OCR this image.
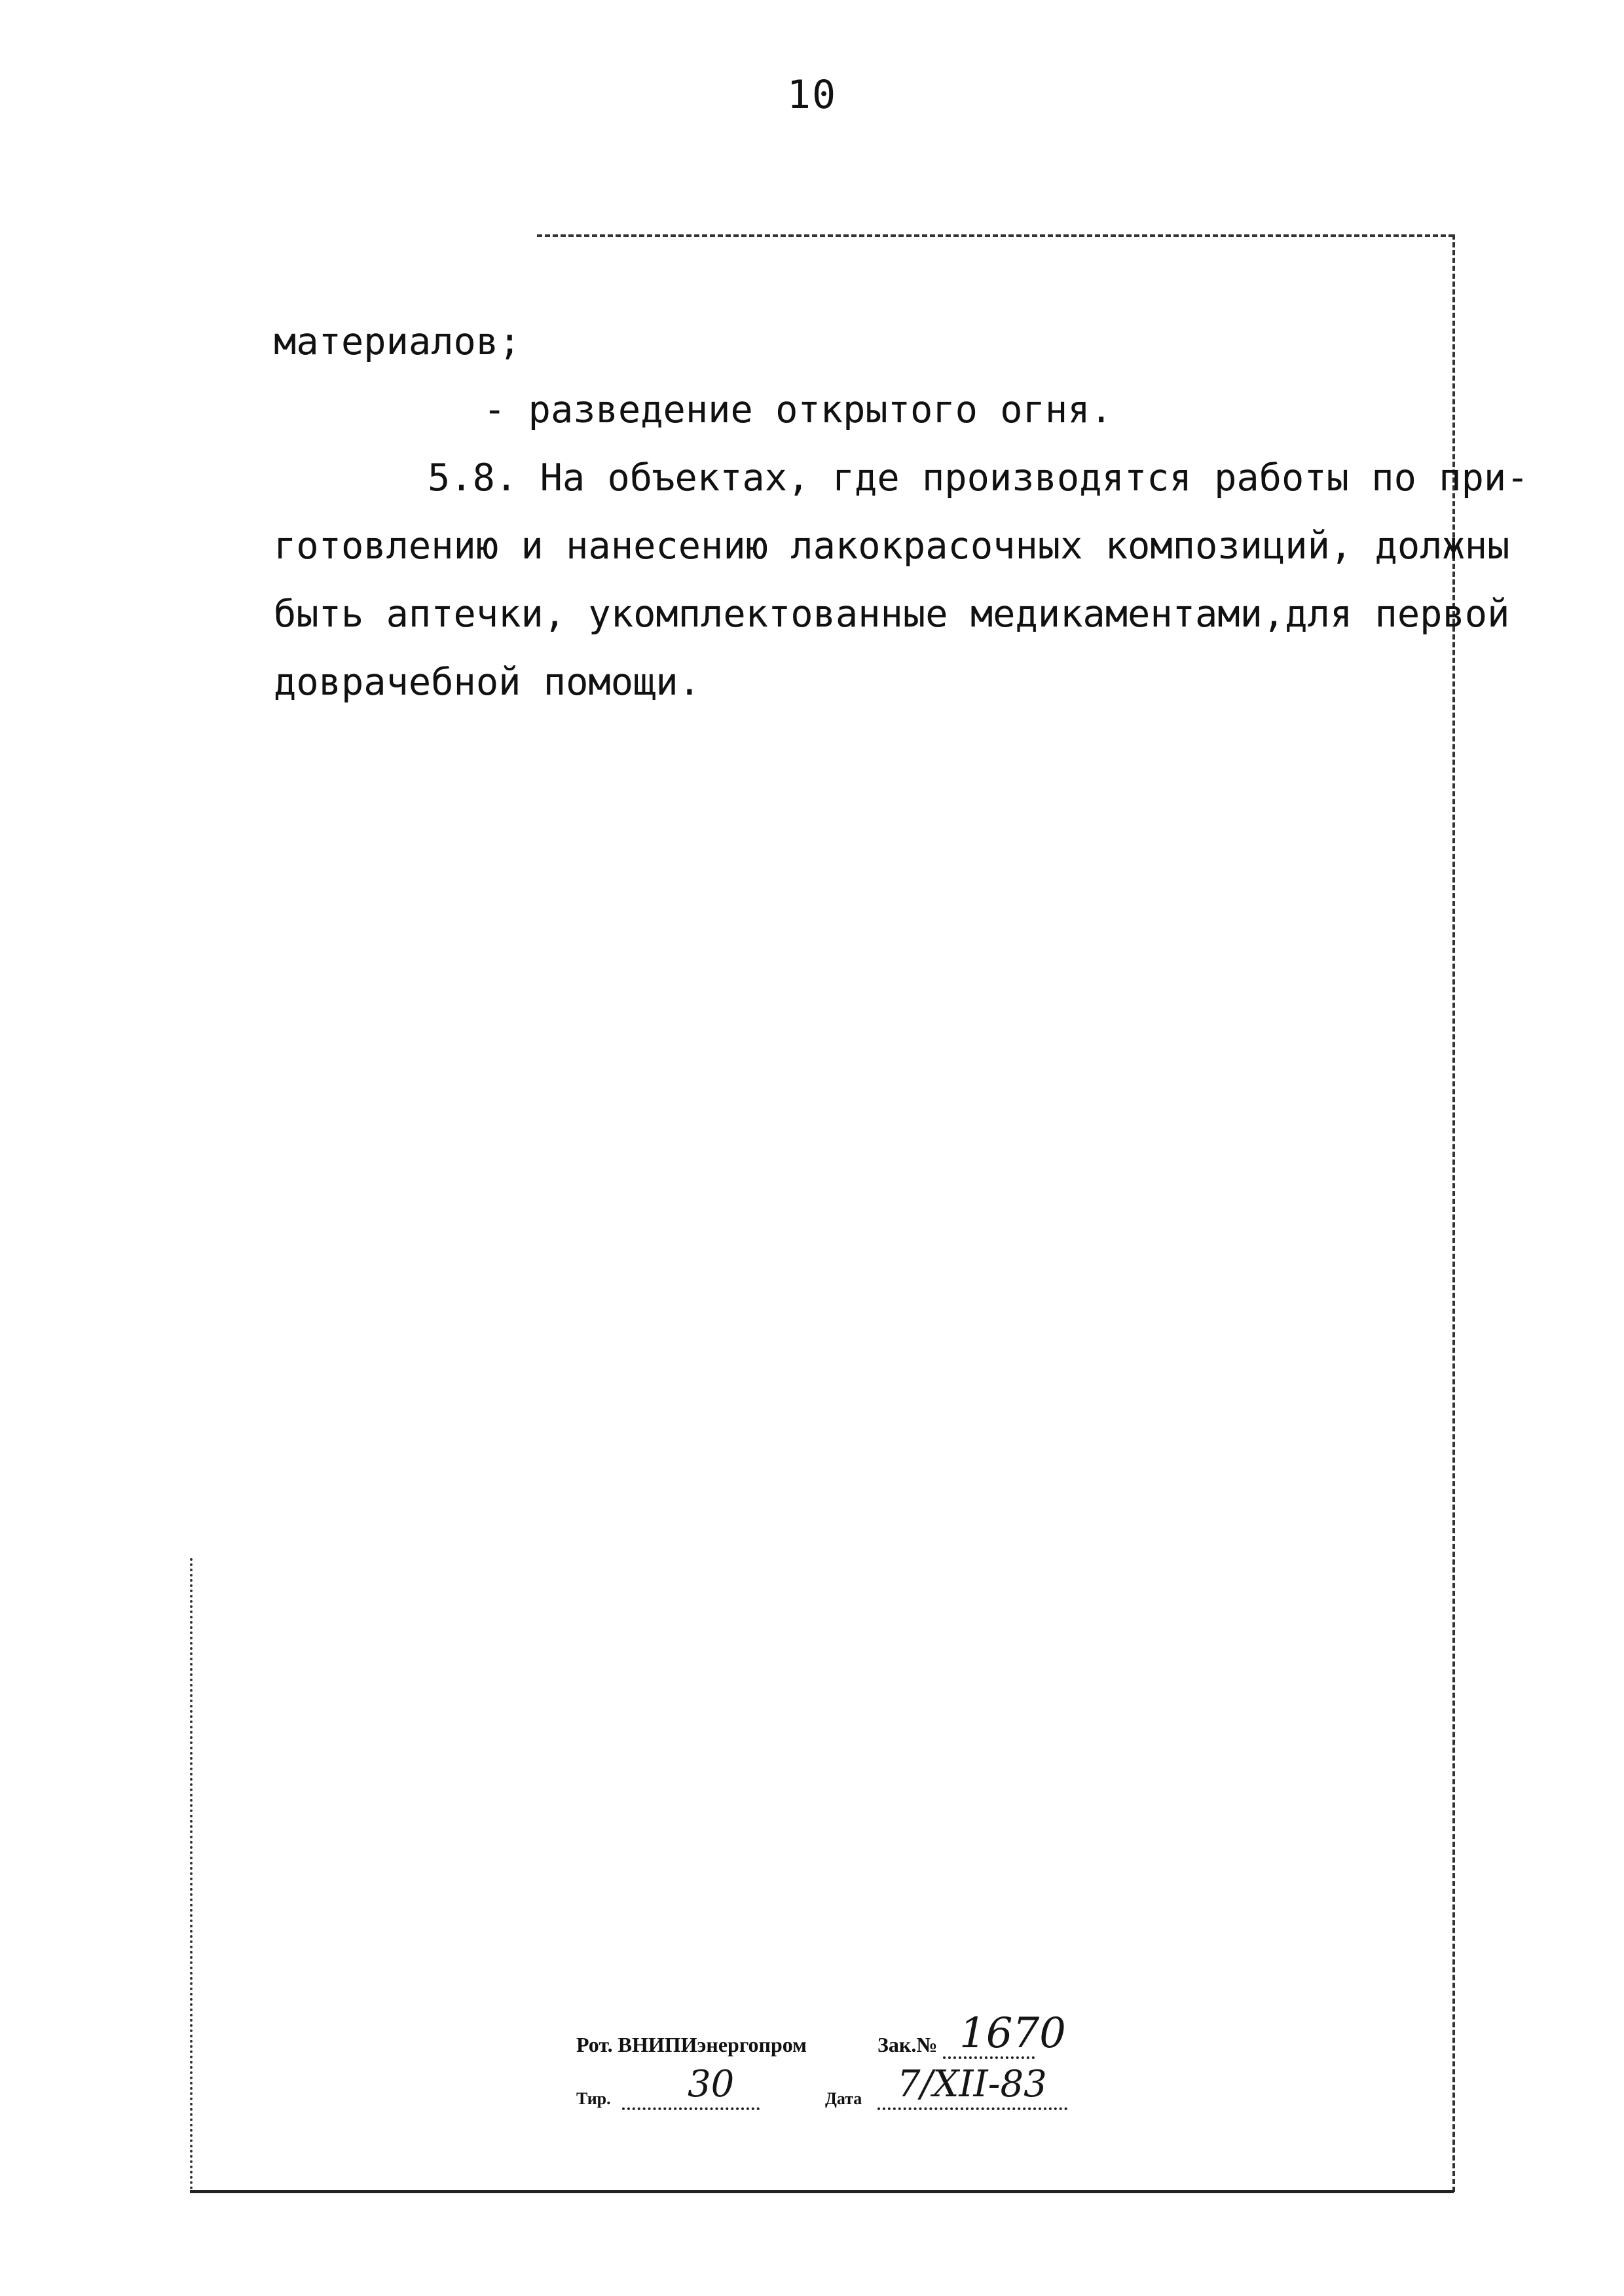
10
материалов;
- разведение открытого огня.
5.8. На объектах, где производятся работы по при-
готовлению и нанесению лакокрасочных композиций, должны
быть аптечки, укомплектованные медикаментами,для первой
доврачебной помощи.
Рот. ВНИПИэнергопром	Зак.№ 1670
Тир. 30	Дата 7/XII-83
